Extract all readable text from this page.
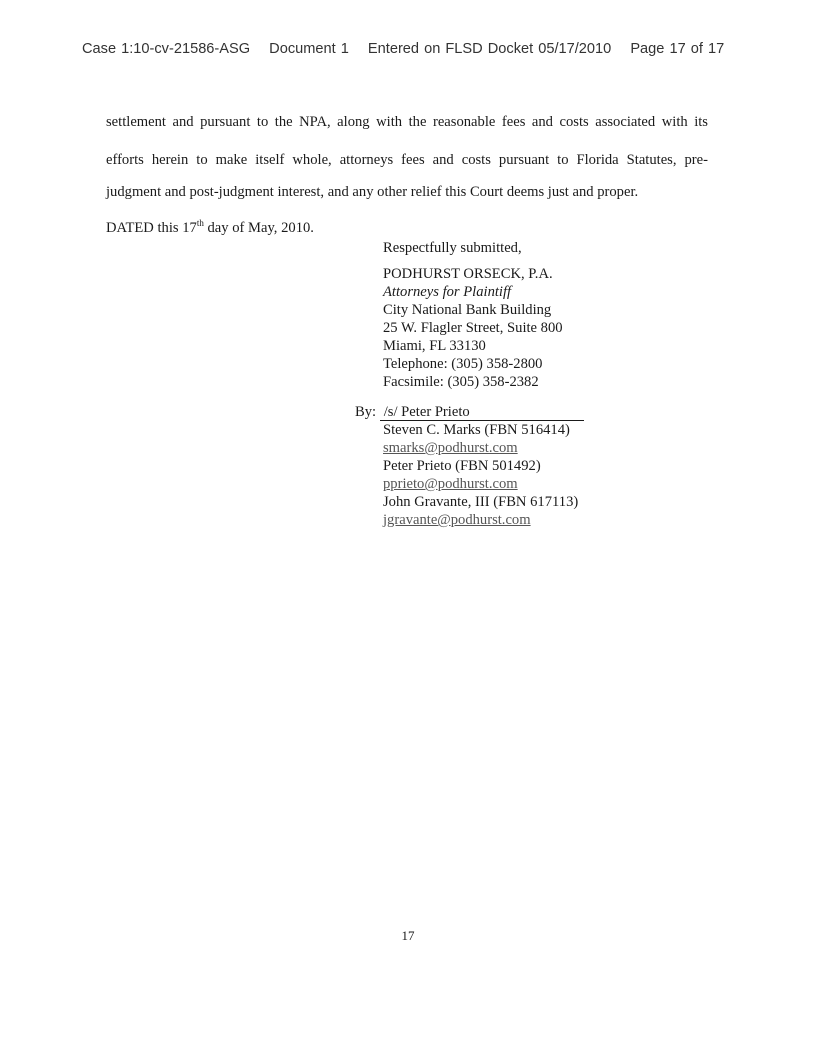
Case 1:10-cv-21586-ASG Document 1 Entered on FLSD Docket 05/17/2010 Page 17 of 17
settlement and pursuant to the NPA, along with the reasonable fees and costs associated with its
efforts herein to make itself whole, attorneys fees and costs pursuant to Florida Statutes, pre-
judgment and post-judgment interest, and any other relief this Court deems just and proper.
DATED this 17th day of May, 2010.
Respectfully submitted,
PODHURST ORSECK, P.A.
Attorneys for Plaintiff
City National Bank Building
25 W. Flagler Street, Suite 800
Miami, FL 33130
Telephone: (305) 358-2800
Facsimile: (305) 358-2382
By: /s/ Peter Prieto
Steven C. Marks (FBN 516414)
smarks@podhurst.com
Peter Prieto (FBN 501492)
pprieto@podhurst.com
John Gravante, III (FBN 617113)
jgravante@podhurst.com
17
